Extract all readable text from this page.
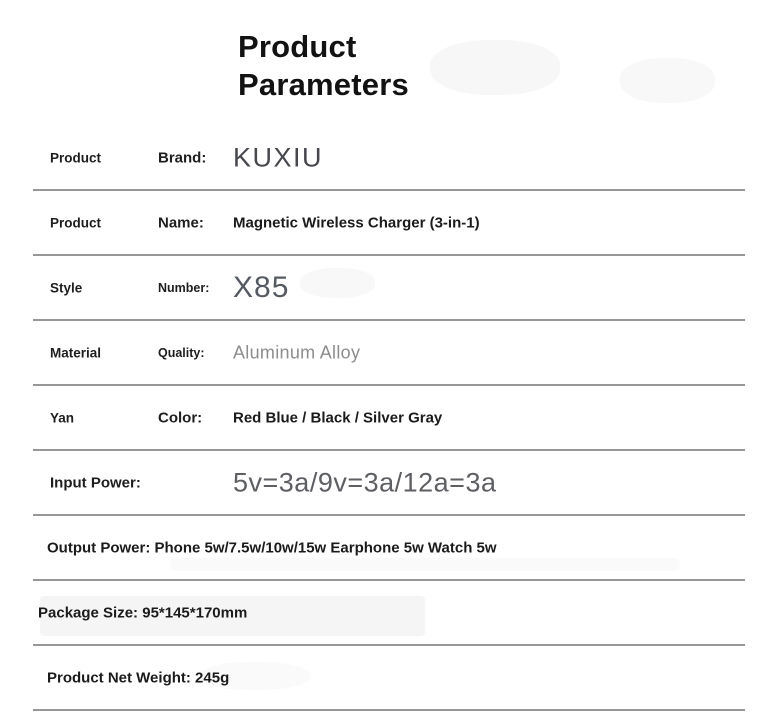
Product
Parameters
Product	Brand: KUXIU
Product	Name: Magnetic Wireless Charger (3-in-1)
Style	Number: X85
Material	Quality: Aluminum Alloy
Yan	Color: Red Blue / Black / Silver Gray
Input Power:	5v=3a/9v=3a/12a=3a
Output Power: Phone 5w/7.5w/10w/15w Earphone 5w Watch 5w
Package Size: 95*145*170mm
Product Net Weight: 245g
